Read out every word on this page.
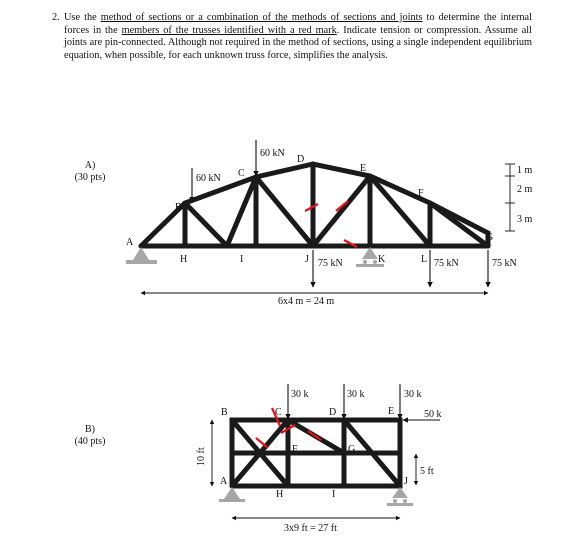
2. Use the method of sections or a combination of the methods of sections and joints to determine the internal forces in the members of the trusses identified with a red mark. Indicate tension or compression. Assume all joints are pin-connected. Although not required in the method of sections, using a single independent equilibrium equation, when possible, for each unknown truss force, simplifies the analysis.
A)
(30 pts)
B)
(40 pts)
A
B
C
D
E
F
G
H	I	J	K	L
60 kN
60 kN
75 kN	75 kN	75 kN
1 m
2 m
3 m
6x4 m = 24 m
A
B	C	D	E
F	G
H	I
J
30 k	30 k	30 k
50 k
10 ft
5 ft
3x9 ft = 27 ft
